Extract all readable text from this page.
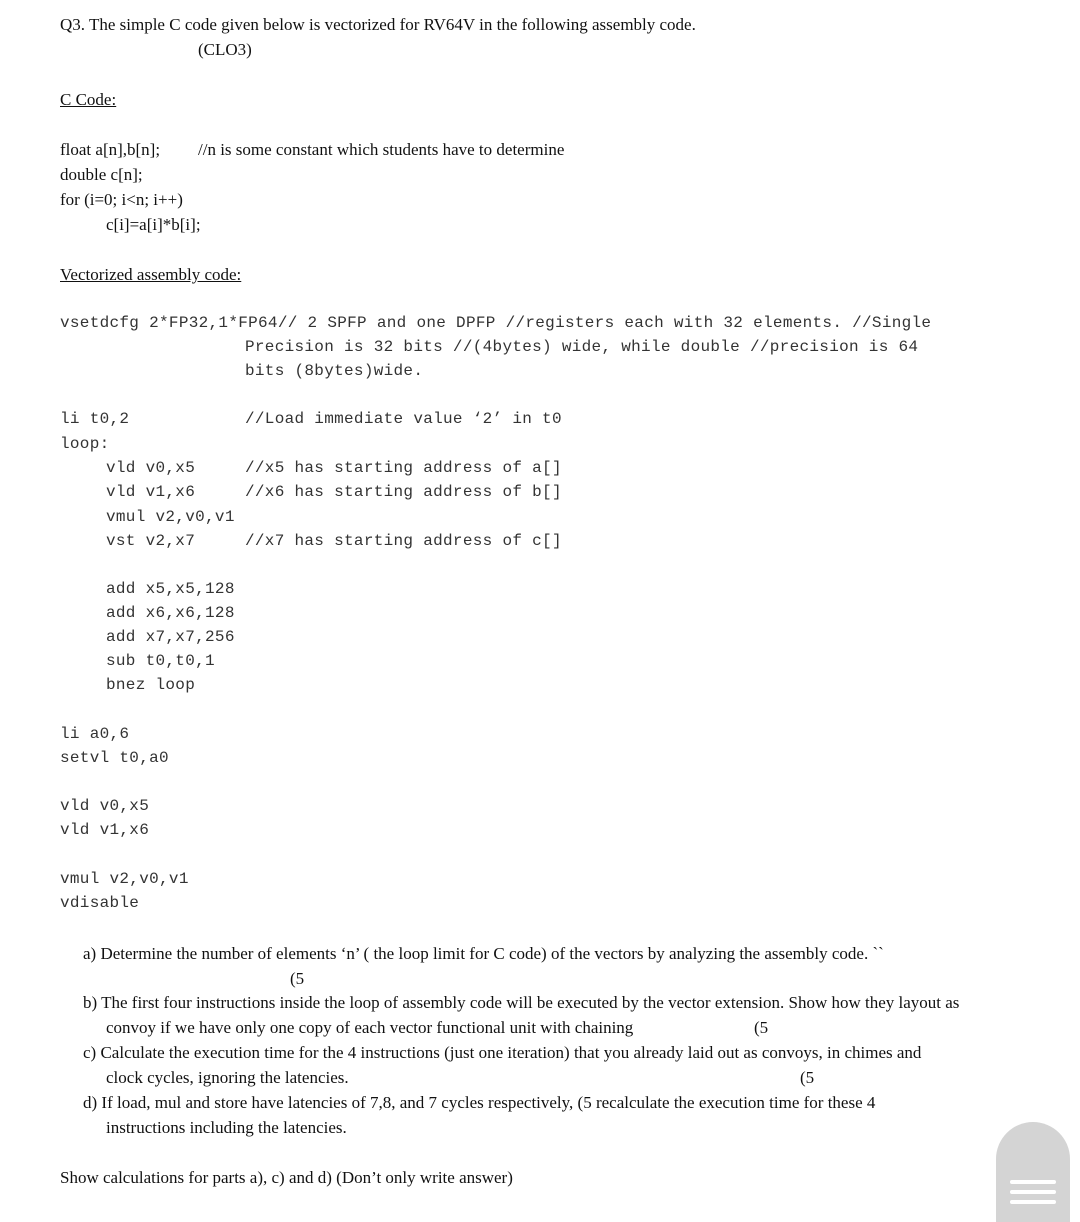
Q3. The simple C code given below is vectorized for RV64V in the following assembly code.
(CLO3)
C Code:
float a[n],b[n]; //n is some constant which students have to determine
double c[n];
for (i=0; i<n; i++)
c[i]=a[i]*b[i];
Vectorized assembly code:
vsetdcfg 2*FP32,1*FP64// 2 SPFP and one DPFP //registers each with 32 elements. //Single
Precision is 32 bits //(4bytes) wide, while double //precision is 64
bits (8bytes)wide.
li t0,2	//Load immediate value ‘2’ in t0
loop:
vld v0,x5	//x5 has starting address of a[]
vld v1,x6	//x6 has starting address of b[]
vmul v2,v0,v1
vst v2,x7	//x7 has starting address of c[]
add x5,x5,128
add x6,x6,128
add x7,x7,256
sub t0,t0,1
bnez loop
li a0,6
setvl t0,a0
vld v0,x5
vld v1,x6
vmul v2,v0,v1
vdisable
a) Determine the number of elements ‘n’ ( the loop limit for C code) of the vectors by analyzing the assembly code. ``
(5
b) The first four instructions inside the loop of assembly code will be executed by the vector extension. Show how they layout as
convoy if we have only one copy of each vector functional unit with chaining	(5
c) Calculate the execution time for the 4 instructions (just one iteration) that you already laid out as convoys, in chimes and
clock cycles, ignoring the latencies.	(5
d) If load, mul and store have latencies of 7,8, and 7 cycles respectively, (5 recalculate the execution time for these 4
instructions including the latencies.
Show calculations for parts a), c) and d) (Don’t only write answer)
